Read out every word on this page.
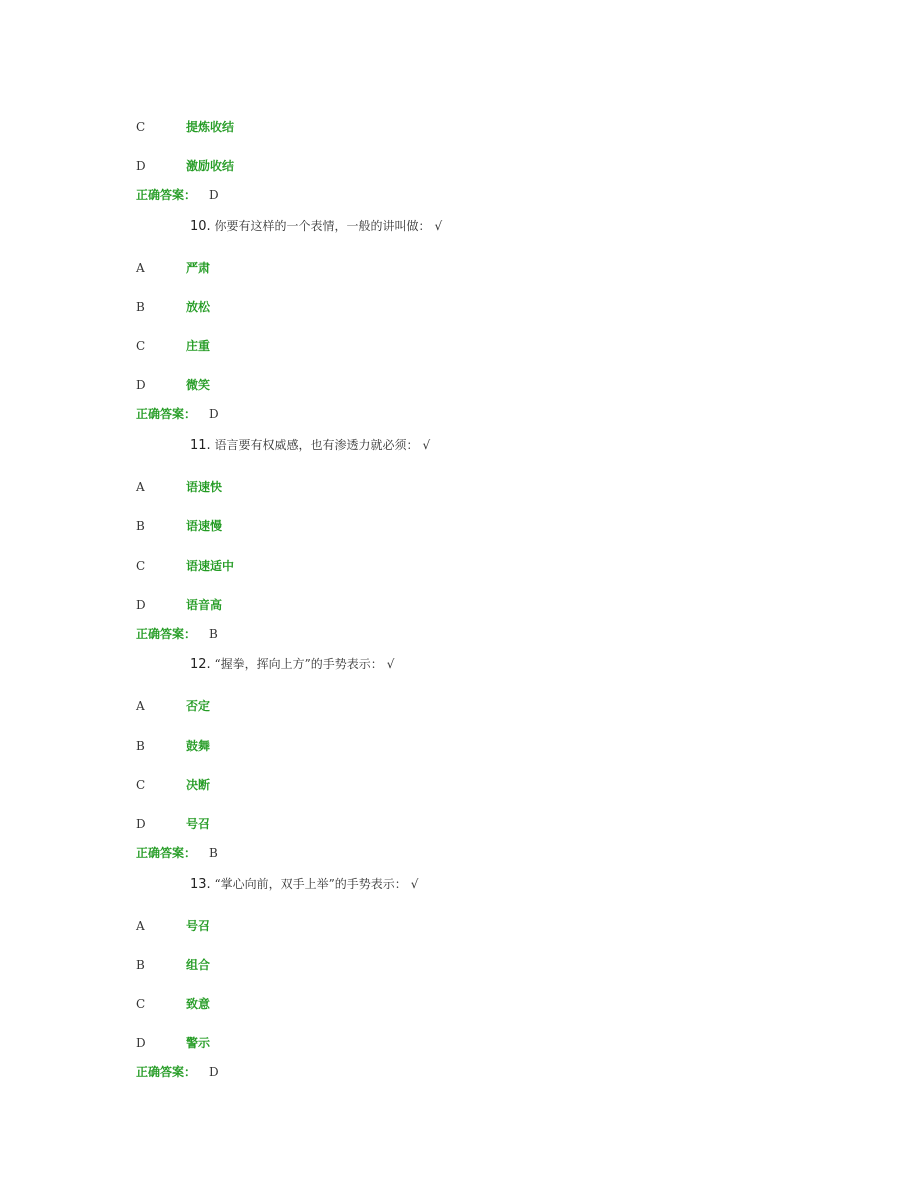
C	提炼收结
D	激励收结
正确答案： D
10. 你要有这样的一个表情，一般的讲叫做： √
A	严肃
B	放松
C	庄重
D	微笑
正确答案： D
11. 语言要有权威感，也有渗透力就必须： √
A	语速快
B	语速慢
C	语速适中
D	语音高
正确答案： B
12. “握拳，挥向上方”的手势表示： √
A	否定
B	鼓舞
C	决断
D	号召
正确答案： B
13. “掌心向前，双手上举”的手势表示： √
A	号召
B	组合
C	致意
D	警示
正确答案： D
